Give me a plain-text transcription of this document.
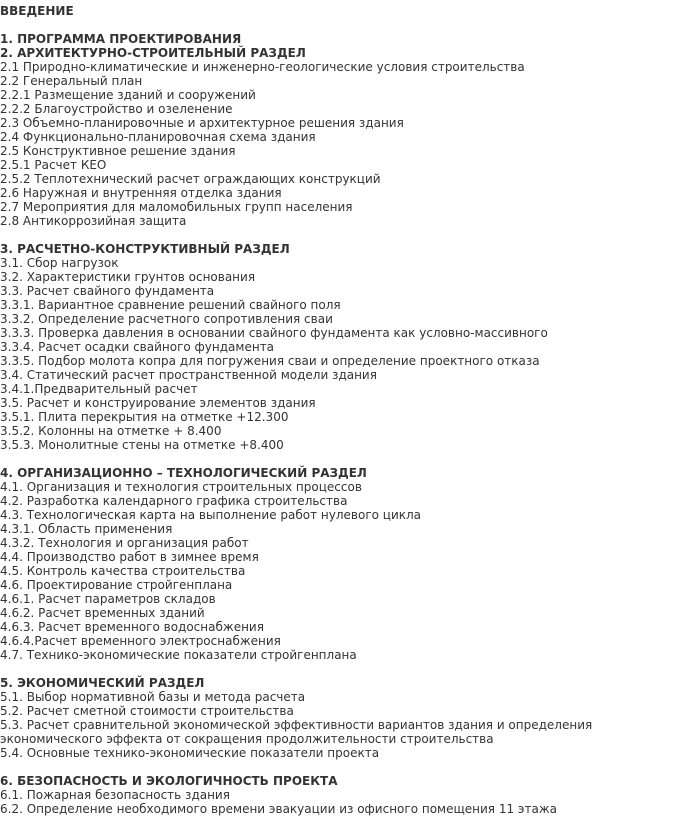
ВВЕДЕНИЕ
1. ПРОГРАММА ПРОЕКТИРОВАНИЯ
2. АРХИТЕКТУРНО-СТРОИТЕЛЬНЫЙ РАЗДЕЛ
2.1 Природно-климатические и инженерно-геологические условия строительства
2.2 Генеральный план
2.2.1 Размещение зданий и сооружений
2.2.2 Благоустройство и озеленение
2.3 Объемно-планировочные и архитектурное решения здания
2.4 Функционально-планировочная схема здания
2.5 Конструктивное решение здания
2.5.1 Расчет КЕО
2.5.2 Теплотехнический расчет ограждающих конструкций
2.6 Наружная и внутренняя отделка здания
2.7 Мероприятия для маломобильных групп населения
2.8 Антикоррозийная защита
3. РАСЧЕТНО-КОНСТРУКТИВНЫЙ РАЗДЕЛ
3.1. Сбор нагрузок
3.2. Характеристики грунтов основания
3.3. Расчет свайного фундамента
3.3.1. Вариантное сравнение решений свайного поля
3.3.2. Определение расчетного сопротивления сваи
3.3.3. Проверка давления в основании свайного фундамента как условно-массивного
3.3.4. Расчет осадки свайного фундамента
3.3.5. Подбор молота копра для погружения сваи и определение проектного отказа
3.4. Статический расчет пространственной модели здания
3.4.1.Предварительный расчет
3.5. Расчет и конструирование элементов здания
3.5.1. Плита перекрытия на отметке +12.300
3.5.2. Колонны на отметке + 8.400
3.5.3. Монолитные стены на отметке +8.400
4. ОРГАНИЗАЦИОННО – ТЕХНОЛОГИЧЕСКИЙ РАЗДЕЛ
4.1. Организация и технология строительных процессов
4.2. Разработка календарного графика строительства
4.3. Технологическая карта на выполнение работ нулевого цикла
4.3.1. Область применения
4.3.2. Технология и организация работ
4.4. Производство работ в зимнее время
4.5. Контроль качества строительства
4.6. Проектирование стройгенплана
4.6.1. Расчет параметров складов
4.6.2. Расчет временных зданий
4.6.3. Расчет временного водоснабжения
4.6.4.Расчет временного электроснабжения
4.7. Технико-экономические показатели стройгенплана
5. ЭКОНОМИЧЕСКИЙ РАЗДЕЛ
5.1. Выбор нормативной базы и метода расчета
5.2. Расчет сметной стоимости строительства
5.3. Расчет сравнительной экономической эффективности вариантов здания и определения экономического эффекта от сокращения продолжительности строительства
5.4. Основные технико-экономические показатели проекта
6. БЕЗОПАСНОСТЬ И ЭКОЛОГИЧНОСТЬ ПРОЕКТА
6.1. Пожарная безопасность здания
6.2. Определение необходимого времени эвакуации из офисного помещения 11 этажа
